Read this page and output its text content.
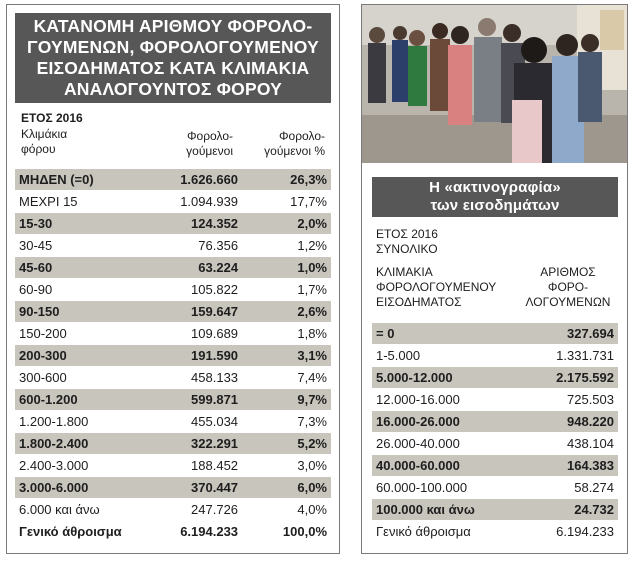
ΚΑΤΑΝΟΜΗ ΑΡΙΘΜΟΥ ΦΟΡΟΛΟ-
ΓΟΥΜΕΝΩΝ, ΦΟΡΟΛΟΓΟΥΜΕΝΟΥ
ΕΙΣΟΔΗΜΑΤΟΣ ΚΑΤΑ ΚΛΙΜΑΚΙΑ
ΑΝΑΛΟΓΟΥΝΤΟΣ ΦΟΡΟΥ
ΕΤΟΣ 2016
Κλιμάκια
φόρου
Φορολο-
γούμενοι
Φορολο-
γούμενοι %
ΜΗΔΕΝ (=0)	1.626.660	26,3%
ΜΕΧΡΙ 15	1.094.939	17,7%
15-30	124.352	2,0%
30-45	76.356	1,2%
45-60	63.224	1,0%
60-90	105.822	1,7%
90-150	159.647	2,6%
150-200	109.689	1,8%
200-300	191.590	3,1%
300-600	458.133	7,4%
600-1.200	599.871	9,7%
1.200-1.800	455.034	7,3%
1.800-2.400	322.291	5,2%
2.400-3.000	188.452	3,0%
3.000-6.000	370.447	6,0%
6.000 και άνω	247.726	4,0%
Γενικό άθροισμα	6.194.233	100,0%
Η «ακτινογραφία»
των εισοδημάτων
ΕΤΟΣ 2016
ΣΥΝΟΛΙΚΟ
ΚΛΙΜΑΚΙΑ
ΦΟΡΟΛΟΓΟΥΜΕΝΟΥ
ΕΙΣΟΔΗΜΑΤΟΣ
ΑΡΙΘΜΟΣ
ΦΟΡΟ-
ΛΟΓΟΥΜΕΝΩΝ
= 0	327.694
1-5.000	1.331.731
5.000-12.000	2.175.592
12.000-16.000	725.503
16.000-26.000	948.220
26.000-40.000	438.104
40.000-60.000	164.383
60.000-100.000	58.274
100.000 και άνω	24.732
Γενικό άθροισμα	6.194.233
